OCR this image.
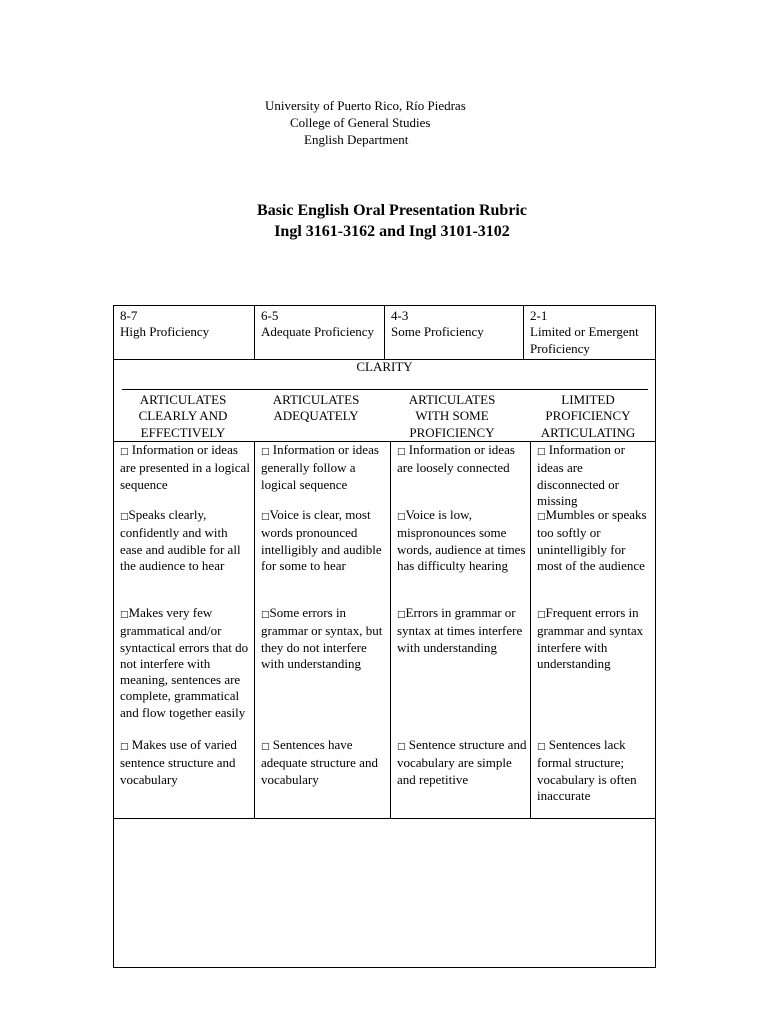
University of Puerto Rico, Río Piedras
College of General Studies
English Department
Basic English Oral Presentation Rubric
Ingl 3161-3162 and Ingl 3101-3102

8-7

High Proficiency

6-5

Adequate Proficiency

4-3

Some Proficiency

2-1

Limited or Emergent Proficiency

CLARITY
ARTICULATES CLEARLY AND EFFECTIVELY
ARTICULATES ADEQUATELY
ARTICULATES WITH SOME PROFICIENCY
LIMITED PROFICIENCY ARTICULATING
□ Information or ideas are presented in a logical sequence
□Speaks clearly, confidently and with ease and audible for all the audience to hear
□Makes very few grammatical and/or syntactical errors that do not interfere with meaning, sentences are complete, grammatical and flow together easily
□ Makes use of varied sentence structure and vocabulary
□ Information or ideas generally follow a logical sequence
□Voice is clear, most words pronounced intelligibly and audible for some to hear
□Some errors in grammar or syntax, but they do not interfere with understanding
□ Sentences have adequate structure and vocabulary
□ Information or ideas are loosely connected
□Voice is low, mispronounces some words, audience at times has difficulty hearing
□Errors in grammar or syntax at times interfere with understanding
□ Sentence structure and vocabulary are simple and repetitive
□ Information or ideas are disconnected or missing
□Mumbles or speaks too softly or unintelligibly for most of the audience
□Frequent errors in grammar and syntax interfere with understanding
□ Sentences lack formal structure; vocabulary is often inaccurate
